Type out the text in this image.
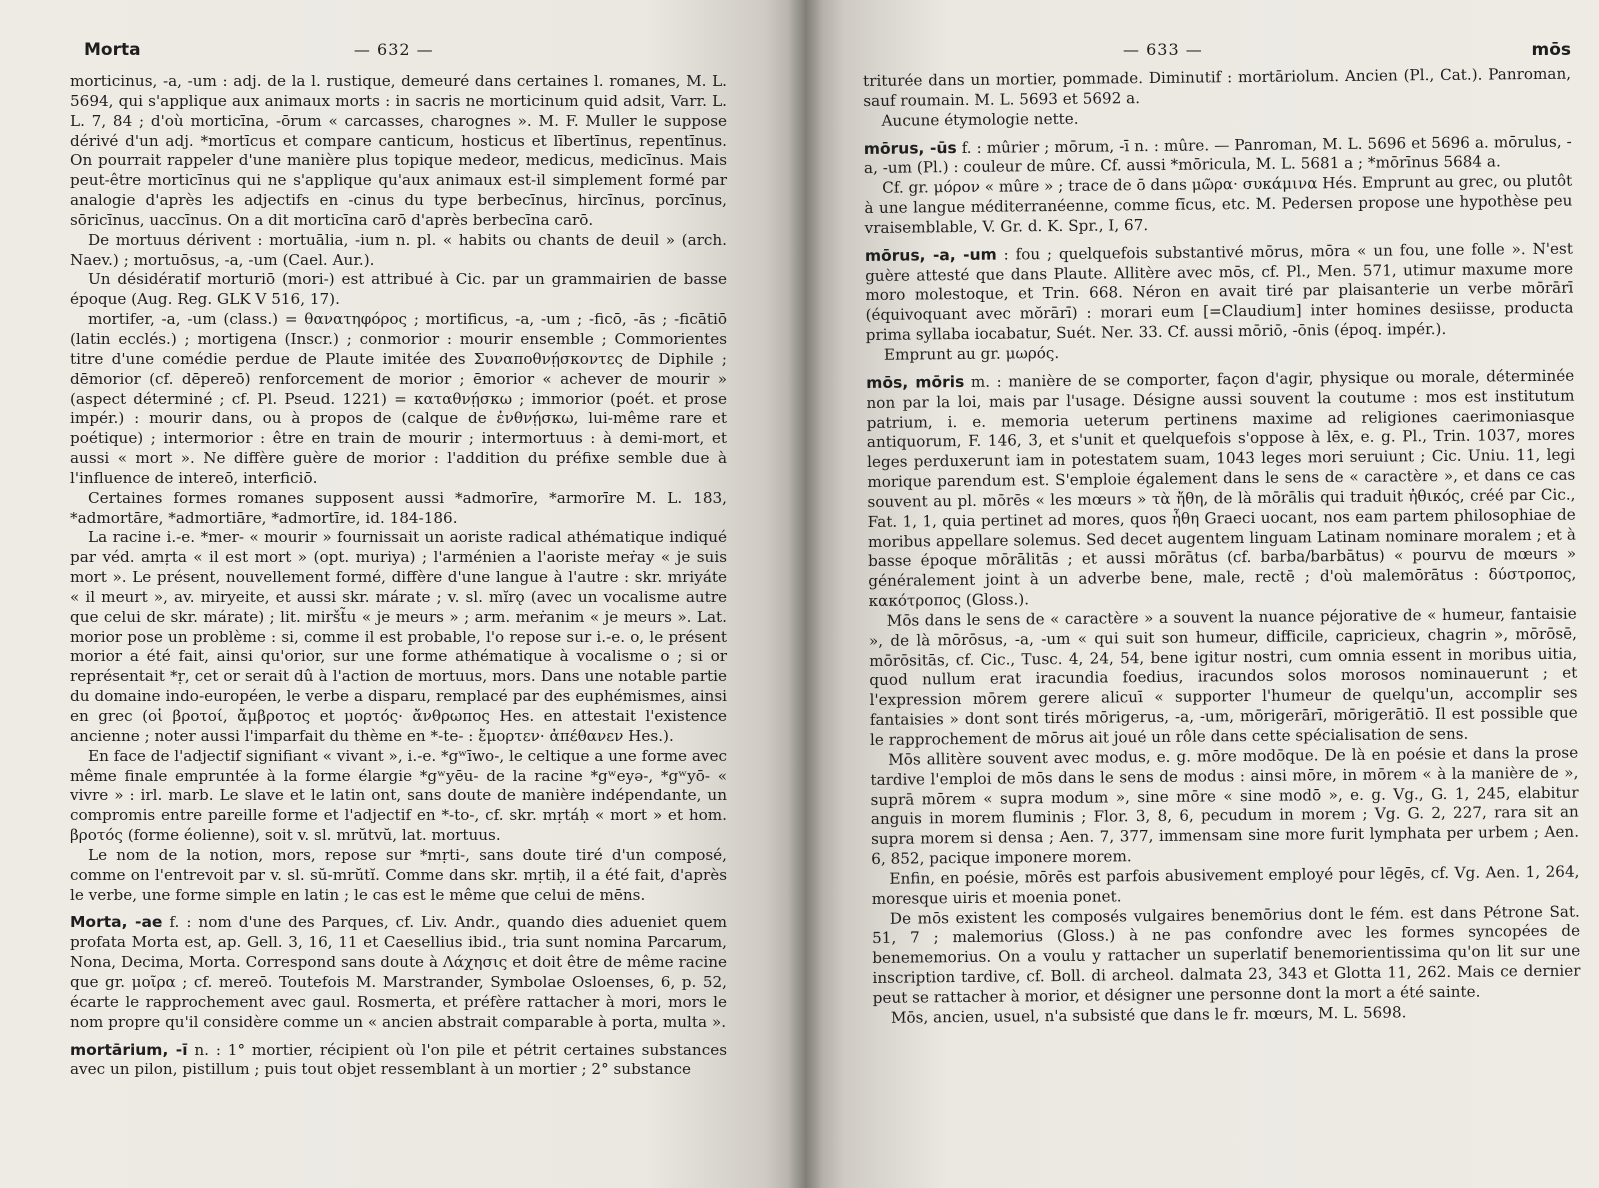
Morta	— 632 —

morticinus, -a, -um : adj. de la l. rustique, demeuré dans certaines l. romanes, M. L. 5694, qui s'applique aux animaux morts : in sacris ne morticinum quid adsit, Varr. L. L. 7, 84 ; d'où morticīna, -ōrum « carcasses, charognes ». M. F. Muller le suppose dérivé d'un adj. *mortīcus et compare canticum, hosticus et lībertīnus, repentīnus. On pourrait rappeler d'une manière plus topique medeor, medicus, medicīnus. Mais peut-être morticīnus qui ne s'applique qu'aux animaux est-il simplement formé par analogie d'après les adjectifs en -cinus du type berbecīnus, hircīnus, porcīnus, sōricīnus, uaccīnus. On a dit morticīna carō d'après berbecīna carō.

De mortuus dérivent : mortuālia, -ium n. pl. « habits ou chants de deuil » (arch. Naev.) ; mortuōsus, -a, -um (Cael. Aur.).

Un désidératif morturiō (mori-) est attribué à Cic. par un grammairien de basse époque (Aug. Reg. GLK V 516, 17).

mortifer, -a, -um (class.) = θανατηφόρος ; mortificus, -a, -um ; -ficō, -ās ; -ficātiō (latin ecclés.) ; mortigena (Inscr.) ; conmorior : mourir ensemble ; Commorientes titre d'une comédie perdue de Plaute imitée des Συναποθνῄσκοντες de Diphile ; dēmorior (cf. dēpereō) renforcement de morior ; ēmorior « achever de mourir » (aspect déterminé ; cf. Pl. Pseud. 1221) = καταθνῄσκω ; immorior (poét. et prose impér.) : mourir dans, ou à propos de (calque de ἐνθνῄσκω, lui-même rare et poétique) ; intermorior : être en train de mourir ; intermortuus : à demi-mort, et aussi « mort ». Ne diffère guère de morior : l'addition du préfixe semble due à l'influence de intereō, interficiō.

Certaines formes romanes supposent aussi *admorīre, *armorīre M. L. 183, *admortāre, *admortiāre, *admortīre, id. 184-186.

La racine i.-e. *mer- « mourir » fournissait un aoriste radical athématique indiqué par véd. amṛta « il est mort » (opt. muriya) ; l'arménien a l'aoriste meṙay « je suis mort ». Le présent, nouvellement formé, diffère d'une langue à l'autre : skr. mriyáte « il meurt », av. miryeite, et aussi skr. márate ; v. sl. mĭrǫ (avec un vocalisme autre que celui de skr. márate) ; lit. miršt̃u « je meurs » ; arm. meṙanim « je meurs ». Lat. morior pose un problème : si, comme il est probable, l'o repose sur i.-e. o, le présent morior a été fait, ainsi qu'orior, sur une forme athématique à vocalisme o ; si or représentait *ṛ, cet or serait dû à l'action de mortuus, mors. Dans une notable partie du domaine indo-européen, le verbe a disparu, remplacé par des euphémismes, ainsi en grec (οἱ βροτοί, ἄμβροτος et μορτός· ἄνθρωπος Hes. en attestait l'existence ancienne ; noter aussi l'imparfait du thème en *-te- : ἔμορτεν· ἀπέθανεν Hes.).

En face de l'adjectif signifiant « vivant », i.-e. *gʷīwo-, le celtique a une forme avec même finale empruntée à la forme élargie *gʷyēu- de la racine *gʷeyə-, *gʷyō- « vivre » : irl. marb. Le slave et le latin ont, sans doute de manière indépendante, un compromis entre pareille forme et l'adjectif en *-to-, cf. skr. mṛtáḥ « mort » et hom. βροτός (forme éolienne), soit v. sl. mrŭtvŭ, lat. mortuus.

Le nom de la notion, mors, repose sur *mṛti-, sans doute tiré d'un composé, comme on l'entrevoit par v. sl. sŭ-mrŭtĭ. Comme dans skr. mṛtiḥ, il a été fait, d'après le verbe, une forme simple en latin ; le cas est le même que celui de mēns.

Morta, -ae f. : nom d'une des Parques, cf. Liv. Andr., quando dies adueniet quem profata Morta est, ap. Gell. 3, 16, 11 et Caesellius ibid., tria sunt nomina Parcarum, Nona, Decima, Morta. Correspond sans doute à Λάχησις et doit être de même racine que gr. μοῖρα ; cf. mereō. Toutefois M. Marstrander, Symbolae Osloenses, 6, p. 52, écarte le rapprochement avec gaul. Rosmerta, et préfère rattacher à mori, mors le nom propre qu'il considère comme un « ancien abstrait comparable à porta, multa ».

mortārium, -ī n. : 1° mortier, récipient où l'on pile et pétrit certaines substances avec un pilon, pistillum ; puis tout objet ressemblant à un mortier ; 2° substance

— 633 —	mōs

triturée dans un mortier, pommade. Diminutif : mortāriolum. Ancien (Pl., Cat.). Panroman, sauf roumain. M. L. 5693 et 5692 a.

Aucune étymologie nette.

mōrus, -ūs f. : mûrier ; mōrum, -ī n. : mûre. — Panroman, M. L. 5696 et 5696 a. mōrulus, -a, -um (Pl.) : couleur de mûre. Cf. aussi *mōricula, M. L. 5681 a ; *mōrīnus 5684 a.

Cf. gr. μόρον « mûre » ; trace de ō dans μῶρα· συκάμινα Hés. Emprunt au grec, ou plutôt à une langue méditerranéenne, comme fīcus, etc. M. Pedersen propose une hypothèse peu vraisemblable, V. Gr. d. K. Spr., I, 67.

mōrus, -a, -um : fou ; quelquefois substantivé mōrus, mōra « un fou, une folle ». N'est guère attesté que dans Plaute. Allitère avec mōs, cf. Pl., Men. 571, utimur maxume more moro molestoque, et Trin. 668. Néron en avait tiré par plaisanterie un verbe mōrārī (équivoquant avec mŏrārī) : morari eum [=Claudium] inter homines desiisse, producta prima syllaba iocabatur, Suét. Ner. 33. Cf. aussi mōriō, -ōnis (époq. impér.).

Emprunt au gr. μωρός.

mōs, mōris m. : manière de se comporter, façon d'agir, physique ou morale, déterminée non par la loi, mais par l'usage. Désigne aussi souvent la coutume : mos est institutum patrium, i. e. memoria ueterum pertinens maxime ad religiones caerimoniasque antiquorum, F. 146, 3, et s'unit et quelquefois s'oppose à lēx, e. g. Pl., Trin. 1037, mores leges perduxerunt iam in potestatem suam, 1043 leges mori seruiunt ; Cic. Uniu. 11, legi morique parendum est. S'emploie également dans le sens de « caractère », et dans ce cas souvent au pl. mōrēs « les mœurs » τὰ ἤθη, de là mōrālis qui traduit ἠθικός, créé par Cic., Fat. 1, 1, quia pertinet ad mores, quos ἦθη Graeci uocant, nos eam partem philosophiae de moribus appellare solemus. Sed decet augentem linguam Latinam nominare moralem ; et à basse époque mōrālitās ; et aussi mōrātus (cf. barba/barbātus) « pourvu de mœurs » généralement joint à un adverbe bene, male, rectē ; d'où malemōrātus : δύστροπος, κακότροπος (Gloss.).

Mōs dans le sens de « caractère » a souvent la nuance péjorative de « humeur, fantaisie », de là mōrōsus, -a, -um « qui suit son humeur, difficile, capricieux, chagrin », mōrōsē, mōrōsitās, cf. Cic., Tusc. 4, 24, 54, bene igitur nostri, cum omnia essent in moribus uitia, quod nullum erat iracundia foedius, iracundos solos morosos nominauerunt ; et l'expression mōrem gerere alicuī « supporter l'humeur de quelqu'un, accomplir ses fantaisies » dont sont tirés mōrigerus, -a, -um, mōrigerārī, mōrigerātiō. Il est possible que le rapprochement de mōrus ait joué un rôle dans cette spécialisation de sens.

Mōs allitère souvent avec modus, e. g. mōre modōque. De là en poésie et dans la prose tardive l'emploi de mōs dans le sens de modus : ainsi mōre, in mōrem « à la manière de », suprā mōrem « supra modum », sine mōre « sine modō », e. g. Vg., G. 1, 245, elabitur anguis in morem fluminis ; Flor. 3, 8, 6, pecudum in morem ; Vg. G. 2, 227, rara sit an supra morem si densa ; Aen. 7, 377, immensam sine more furit lymphata per urbem ; Aen. 6, 852, pacique imponere morem.

Enfin, en poésie, mōrēs est parfois abusivement employé pour lēgēs, cf. Vg. Aen. 1, 264, moresque uiris et moenia ponet.

De mōs existent les composés vulgaires benemōrius dont le fém. est dans Pétrone Sat. 51, 7 ; malemorius (Gloss.) à ne pas confondre avec les formes syncopées de benememorius. On a voulu y rattacher un superlatif benemorientissima qu'on lit sur une inscription tardive, cf. Boll. di archeol. dalmata 23, 343 et Glotta 11, 262. Mais ce dernier peut se rattacher à morior, et désigner une personne dont la mort a été sainte.

Mōs, ancien, usuel, n'a subsisté que dans le fr. mœurs, M. L. 5698.
